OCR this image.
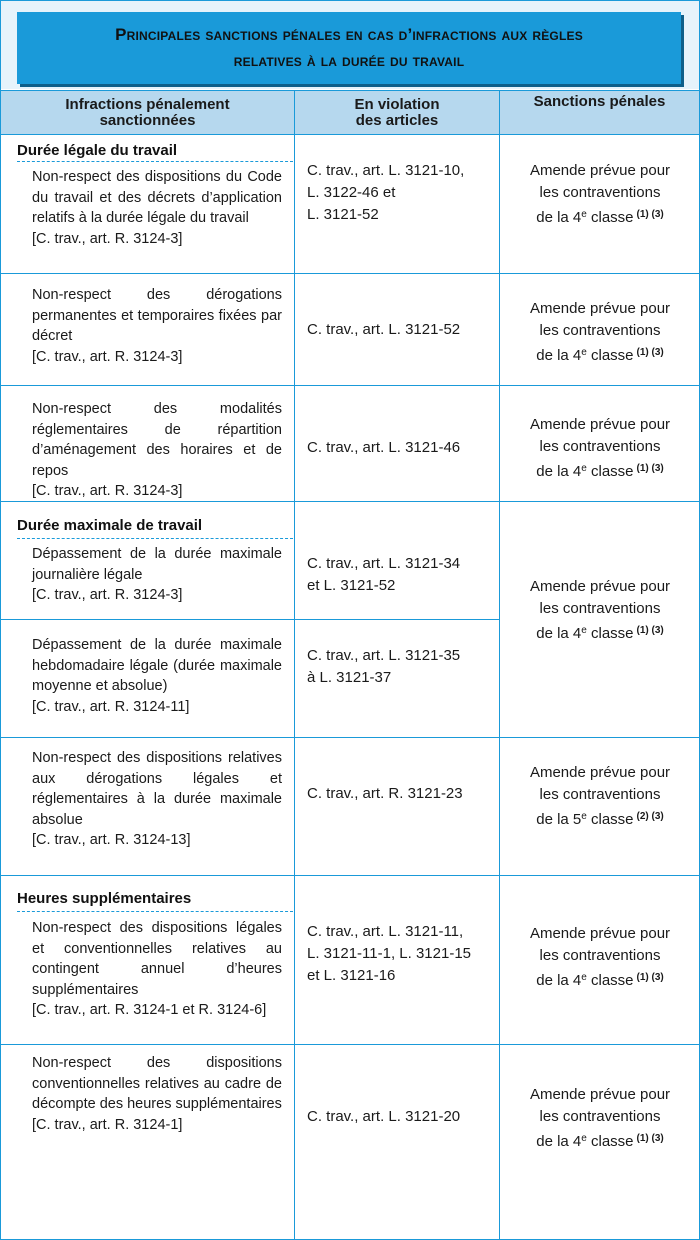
Principales sanctions pénales en cas d’infractions aux règles
relatives à la durée du travail
Infractions pénalement
sanctionnées
En violation
des articles
Sanctions pénales
Durée légale du travail
Durée maximale de travail
Heures supplémentaires
Non-respect des dispositions du Code du travail et des décrets d’application relatifs à la durée légale du travail
[C. trav., art. R. 3124-3]
C. trav., art. L. 3121-10,
L. 3122-46 et
L. 3121-52
Amende prévue pour
les contraventions
de la 4e classe $^{(1) (3)}$
Non-respect des dérogations permanentes et temporaires fixées par décret
[C. trav., art. R. 3124-3]
C. trav., art. L. 3121-52
Amende prévue pour
les contraventions
de la 4e classe $^{(1) (3)}$
Non-respect des modalités réglementaires de répartition d’aménagement des horaires et de repos
[C. trav., art. R. 3124-3]
C. trav., art. L. 3121-46
Amende prévue pour
les contraventions
de la 4e classe $^{(1) (3)}$
Dépassement de la durée maximale journalière légale
[C. trav., art. R. 3124-3]
C. trav., art. L. 3121-34
et L. 3121-52	Amende prévue pour
les contraventions
de la 4e classe $^{(1) (3)}$
Dépassement de la durée maximale hebdomadaire légale (durée maximale moyenne et absolue)
[C. trav., art. R. 3124-11]
C. trav., art. L. 3121-35
à L. 3121-37
Non-respect des dispositions relatives aux dérogations légales et réglementaires à la durée maximale absolue
[C. trav., art. R. 3124-13]
C. trav., art. R. 3121-23
Amende prévue pour
les contraventions
de la 5e classe $^{(2) (3)}$
Non-respect des dispositions légales et conventionnelles relatives au contingent annuel d’heures supplémentaires
[C. trav., art. R. 3124-1 et R. 3124-6]
C. trav., art. L. 3121-11,
L. 3121-11-1, L. 3121-15
et L. 3121-16
Amende prévue pour
les contraventions
de la 4e classe $^{(1) (3)}$
Non-respect des dispositions conventionnelles relatives au cadre de décompte des heures supplémentaires
[C. trav., art. R. 3124-1]	C. trav., art. L. 3121-20
Amende prévue pour
les contraventions
de la 4e classe $^{(1) (3)}$
